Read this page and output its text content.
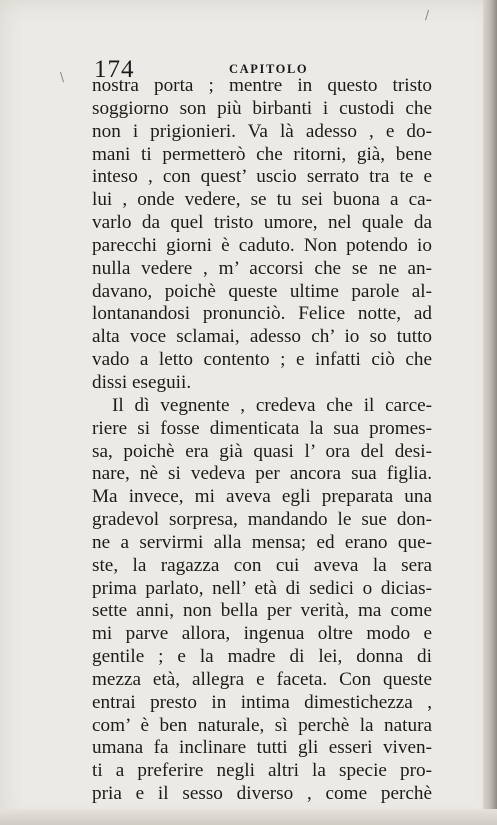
\
/
174	CAPITOLO
nostra porta ; mentre in questo tristo
soggiorno son più birbanti i custodi che
non i prigionieri. Va là adesso , e do-
mani ti permetterò che ritorni, già, bene
inteso , con quest’ uscio serrato tra te e
lui , onde vedere, se tu sei buona a ca-
varlo da quel tristo umore, nel quale da
parecchi giorni è caduto. Non potendo io
nulla vedere , m’ accorsi che se ne an-
davano, poichè queste ultime parole al-
lontanandosi pronunciò. Felice notte, ad
alta voce sclamai, adesso ch’ io so tutto
vado a letto contento ; e infatti ciò che
dissi eseguii.
Il dì vegnente , credeva che il carce-
riere si fosse dimenticata la sua promes-
sa, poichè era già quasi l’ ora del desi-
nare, nè si vedeva per ancora sua figlia.
Ma invece, mi aveva egli preparata una
gradevol sorpresa, mandando le sue don-
ne a servirmi alla mensa; ed erano que-
ste, la ragazza con cui aveva la sera
prima parlato, nell’ età di sedici o dicias-
sette anni, non bella per verità, ma come
mi parve allora, ingenua oltre modo e
gentile ; e la madre di lei, donna di
mezza età, allegra e faceta. Con queste
entrai presto in intima dimestichezza ,
com’ è ben naturale, sì perchè la natura
umana fa inclinare tutti gli esseri viven-
ti a preferire negli altri la specie pro-
pria e il sesso diverso , come perchè
